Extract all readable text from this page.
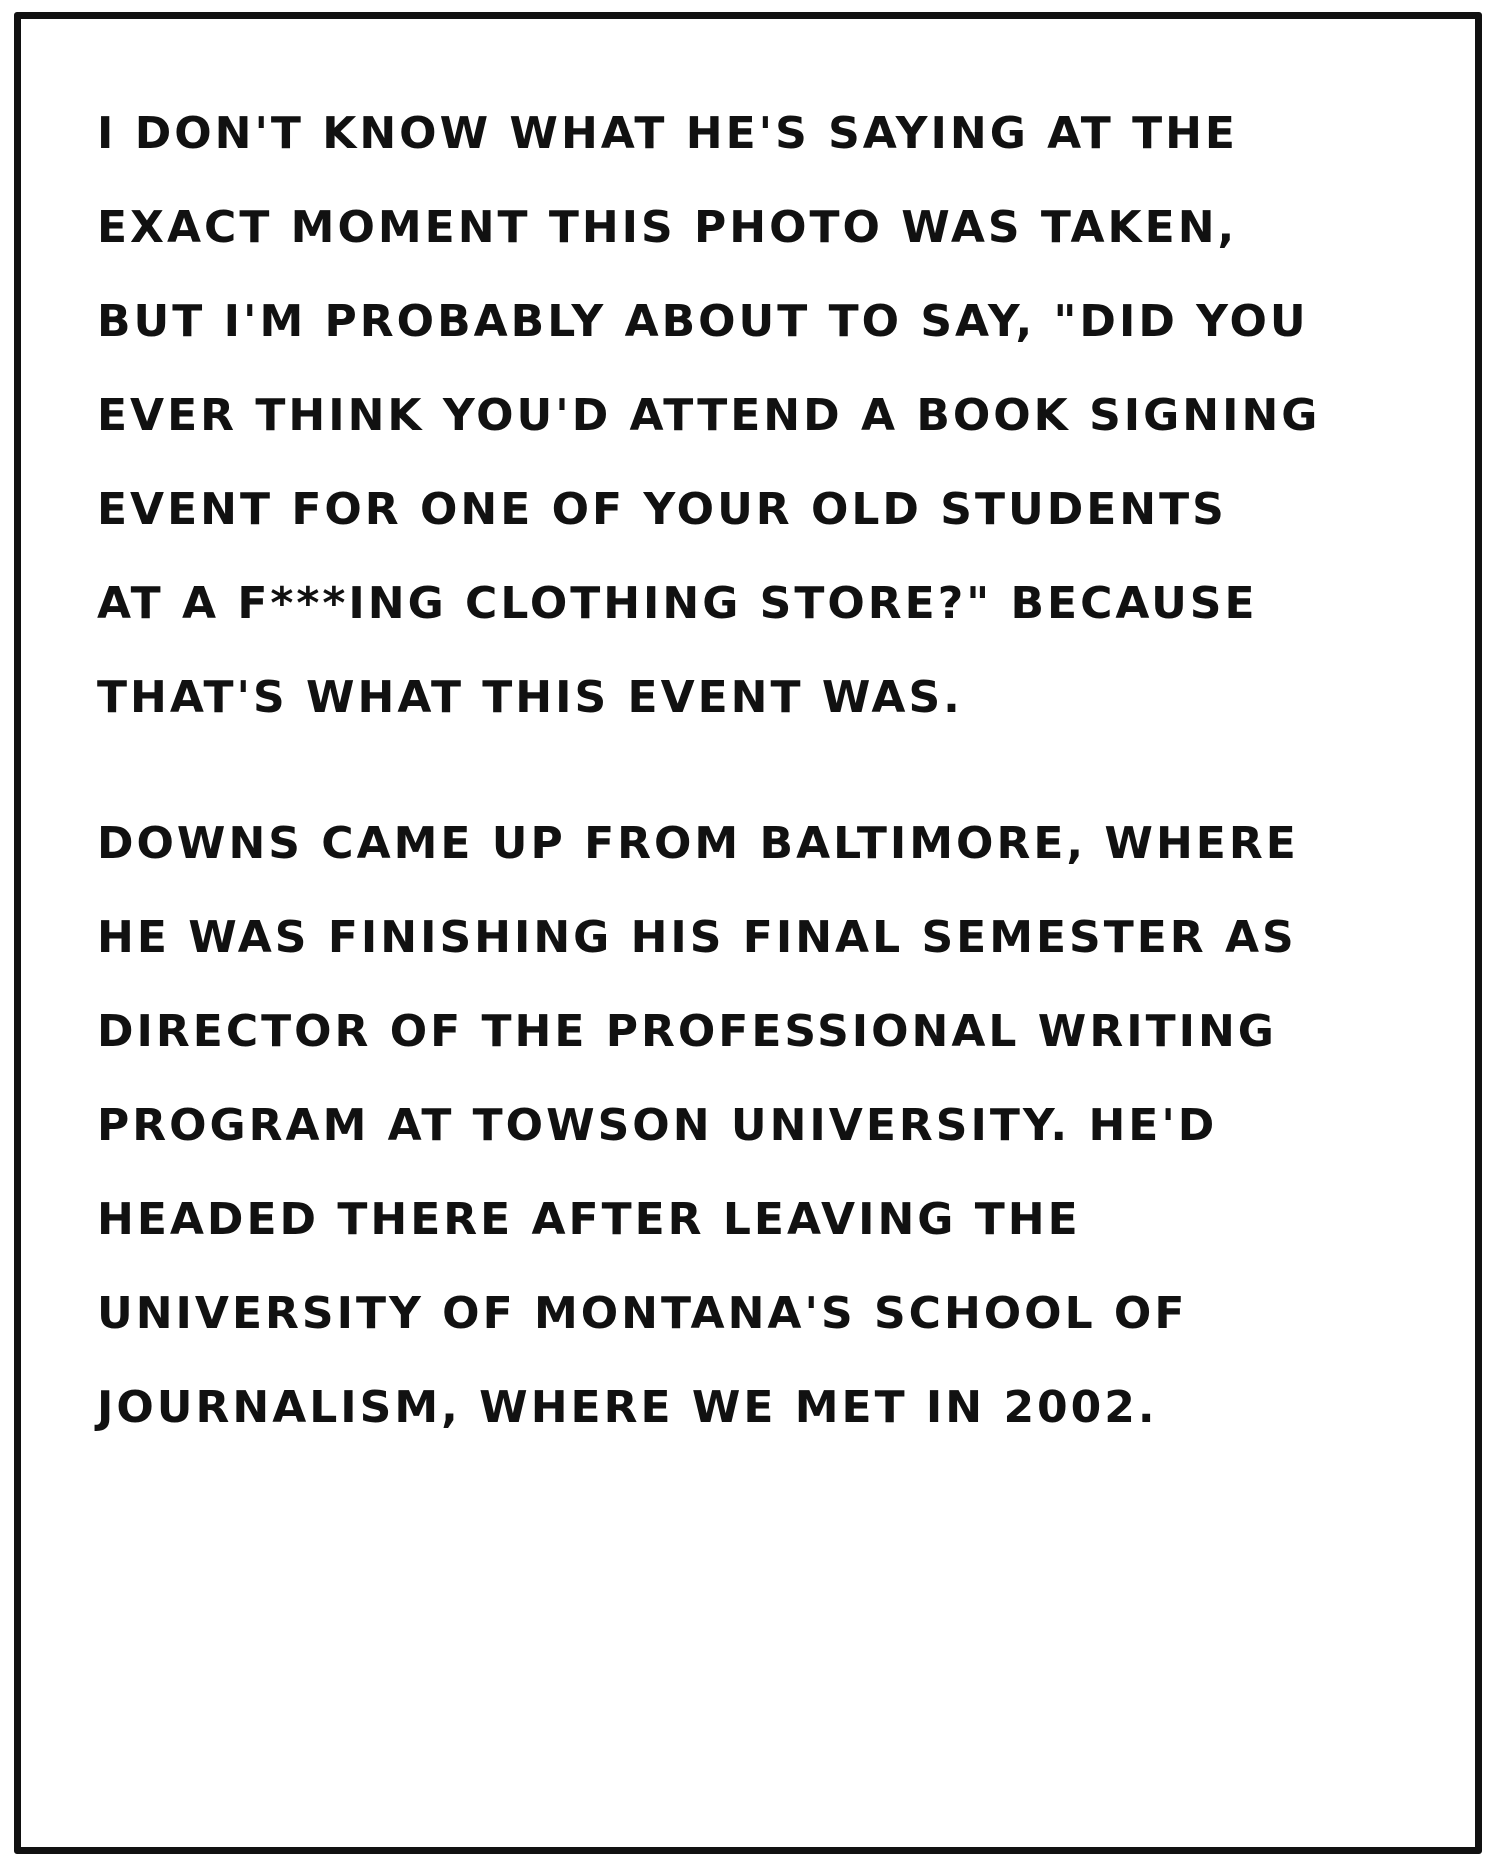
I DON'T KNOW WHAT HE'S SAYING AT THE
EXACT MOMENT THIS PHOTO WAS TAKEN,
BUT I'M PROBABLY ABOUT TO SAY, "DID YOU
EVER THINK YOU'D ATTEND A BOOK SIGNING
EVENT FOR ONE OF YOUR OLD STUDENTS
AT A F***ING CLOTHING STORE?" BECAUSE
THAT'S WHAT THIS EVENT WAS.

DOWNS CAME UP FROM BALTIMORE, WHERE
HE WAS FINISHING HIS FINAL SEMESTER AS
DIRECTOR OF THE PROFESSIONAL WRITING
PROGRAM AT TOWSON UNIVERSITY. HE'D
HEADED THERE AFTER LEAVING THE
UNIVERSITY OF MONTANA'S SCHOOL OF
JOURNALISM, WHERE WE MET IN 2002.
